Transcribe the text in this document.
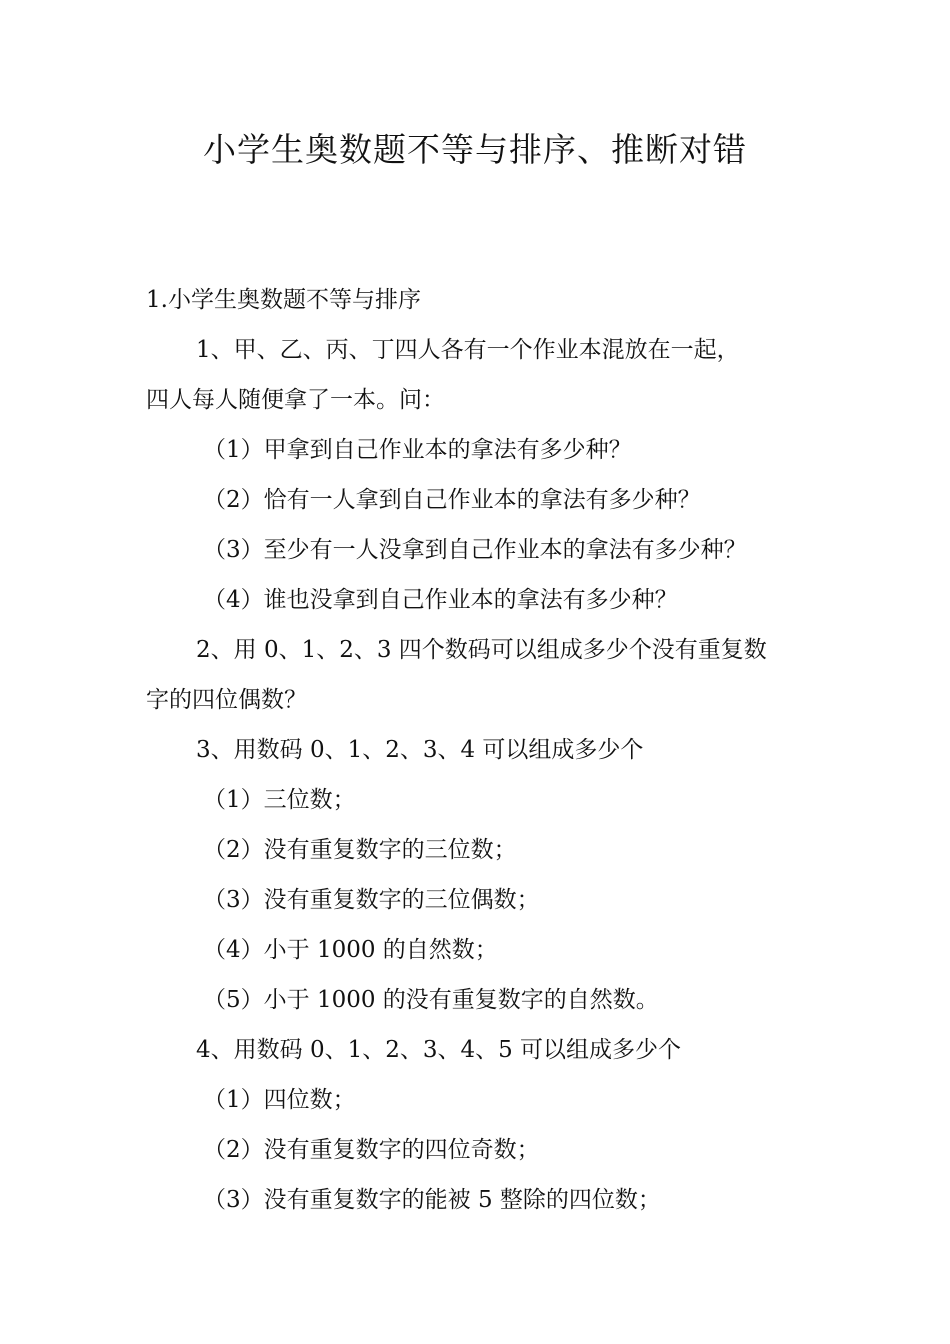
小学生奥数题不等与排序、推断对错
1.小学生奥数题不等与排序
1、甲、乙、丙、丁四人各有一个作业本混放在一起，
四人每人随便拿了一本。问：
（1）甲拿到自己作业本的拿法有多少种？
（2）恰有一人拿到自己作业本的拿法有多少种？
（3）至少有一人没拿到自己作业本的拿法有多少种？
（4）谁也没拿到自己作业本的拿法有多少种？
2、用 0、1、2、3 四个数码可以组成多少个没有重复数
字的四位偶数？
3、用数码 0、1、2、3、4 可以组成多少个
（1）三位数；
（2）没有重复数字的三位数；
（3）没有重复数字的三位偶数；
（4）小于 1000 的自然数；
（5）小于 1000 的没有重复数字的自然数。
4、用数码 0、1、2、3、4、5 可以组成多少个
（1）四位数；
（2）没有重复数字的四位奇数；
（3）没有重复数字的能被 5 整除的四位数；
